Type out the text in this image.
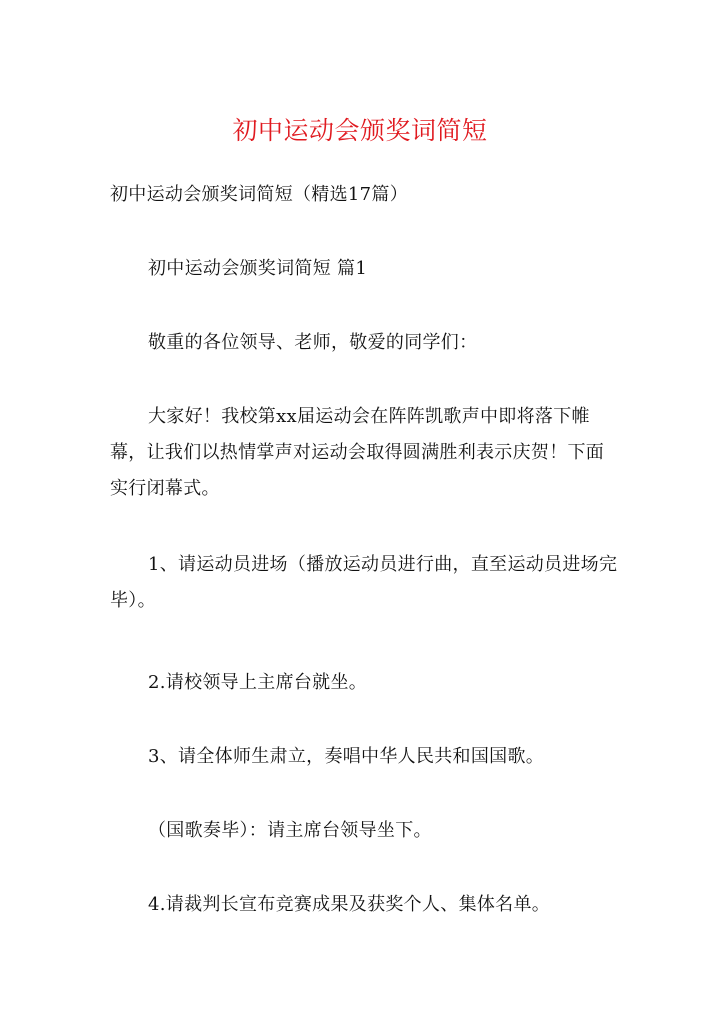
初中运动会颁奖词简短
初中运动会颁奖词简短（精选17篇）
初中运动会颁奖词简短 篇1
敬重的各位领导、老师，敬爱的同学们：
大家好！我校第xx届运动会在阵阵凯歌声中即将落下帷幕，让我们以热情掌声对运动会取得圆满胜利表示庆贺！下面实行闭幕式。
1、请运动员进场（播放运动员进行曲，直至运动员进场完毕）。
2.请校领导上主席台就坐。
3、请全体师生肃立，奏唱中华人民共和国国歌。
（国歌奏毕）：请主席台领导坐下。
4.请裁判长宣布竞赛成果及获奖个人、集体名单。
